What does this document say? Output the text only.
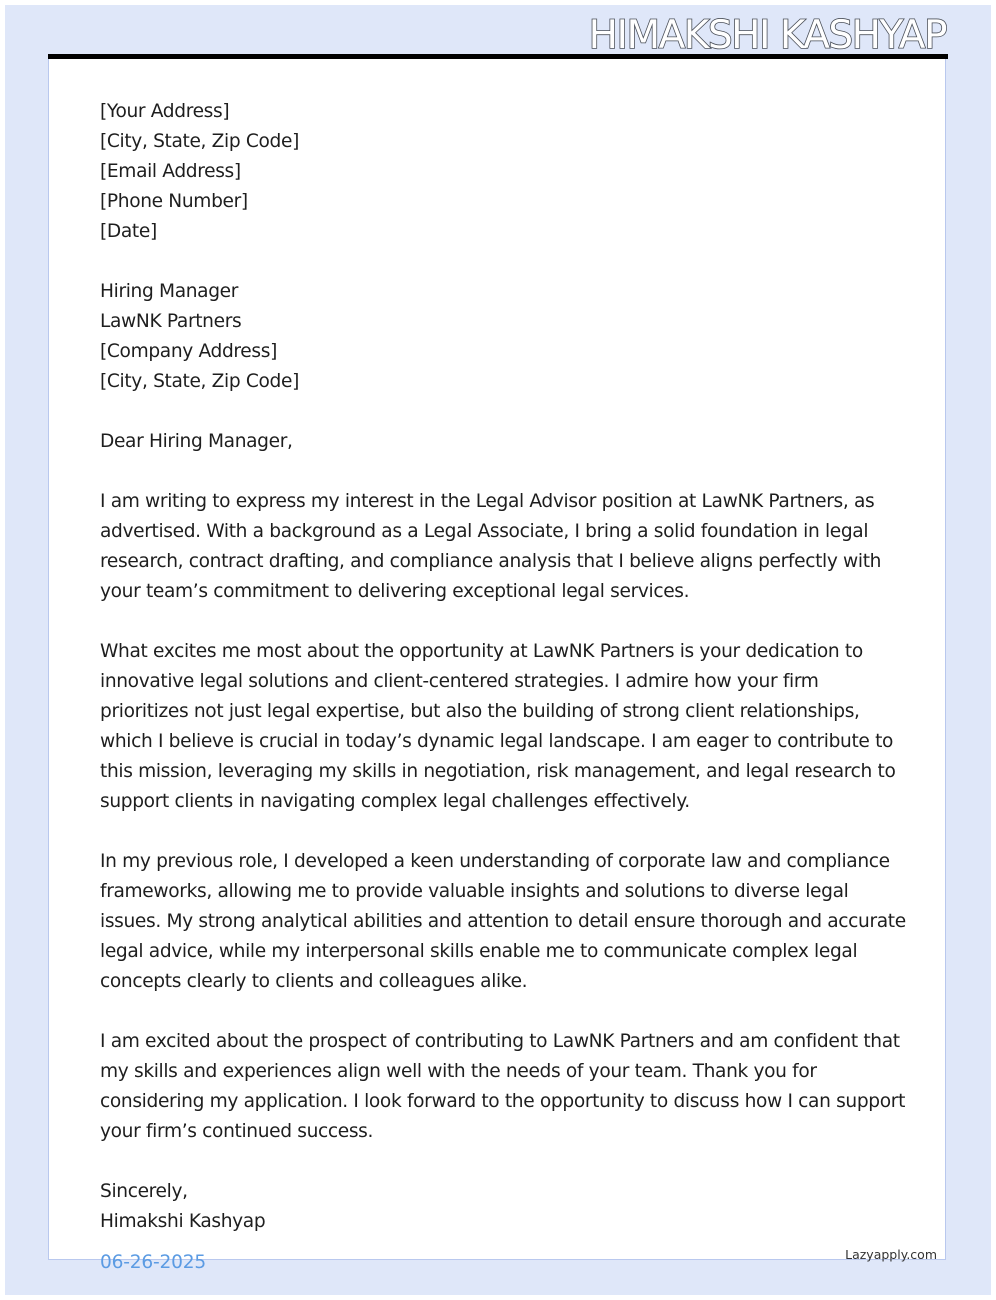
HIMAKSHI KASHYAP
[Your Address]
[City, State, Zip Code]
[Email Address]
[Phone Number]
[Date]
Hiring Manager
LawNK Partners
[Company Address]
[City, State, Zip Code]
Dear Hiring Manager,
I am writing to express my interest in the Legal Advisor position at LawNK Partners, as
advertised. With a background as a Legal Associate, I bring a solid foundation in legal
research, contract drafting, and compliance analysis that I believe aligns perfectly with
your team’s commitment to delivering exceptional legal services.
What excites me most about the opportunity at LawNK Partners is your dedication to
innovative legal solutions and client-centered strategies. I admire how your firm
prioritizes not just legal expertise, but also the building of strong client relationships,
which I believe is crucial in today’s dynamic legal landscape. I am eager to contribute to
this mission, leveraging my skills in negotiation, risk management, and legal research to
support clients in navigating complex legal challenges effectively.
In my previous role, I developed a keen understanding of corporate law and compliance
frameworks, allowing me to provide valuable insights and solutions to diverse legal
issues. My strong analytical abilities and attention to detail ensure thorough and accurate
legal advice, while my interpersonal skills enable me to communicate complex legal
concepts clearly to clients and colleagues alike.
I am excited about the prospect of contributing to LawNK Partners and am confident that
my skills and experiences align well with the needs of your team. Thank you for
considering my application. I look forward to the opportunity to discuss how I can support
your firm’s continued success.
Sincerely,
Himakshi Kashyap
06-26-2025	Lazyapply.com
